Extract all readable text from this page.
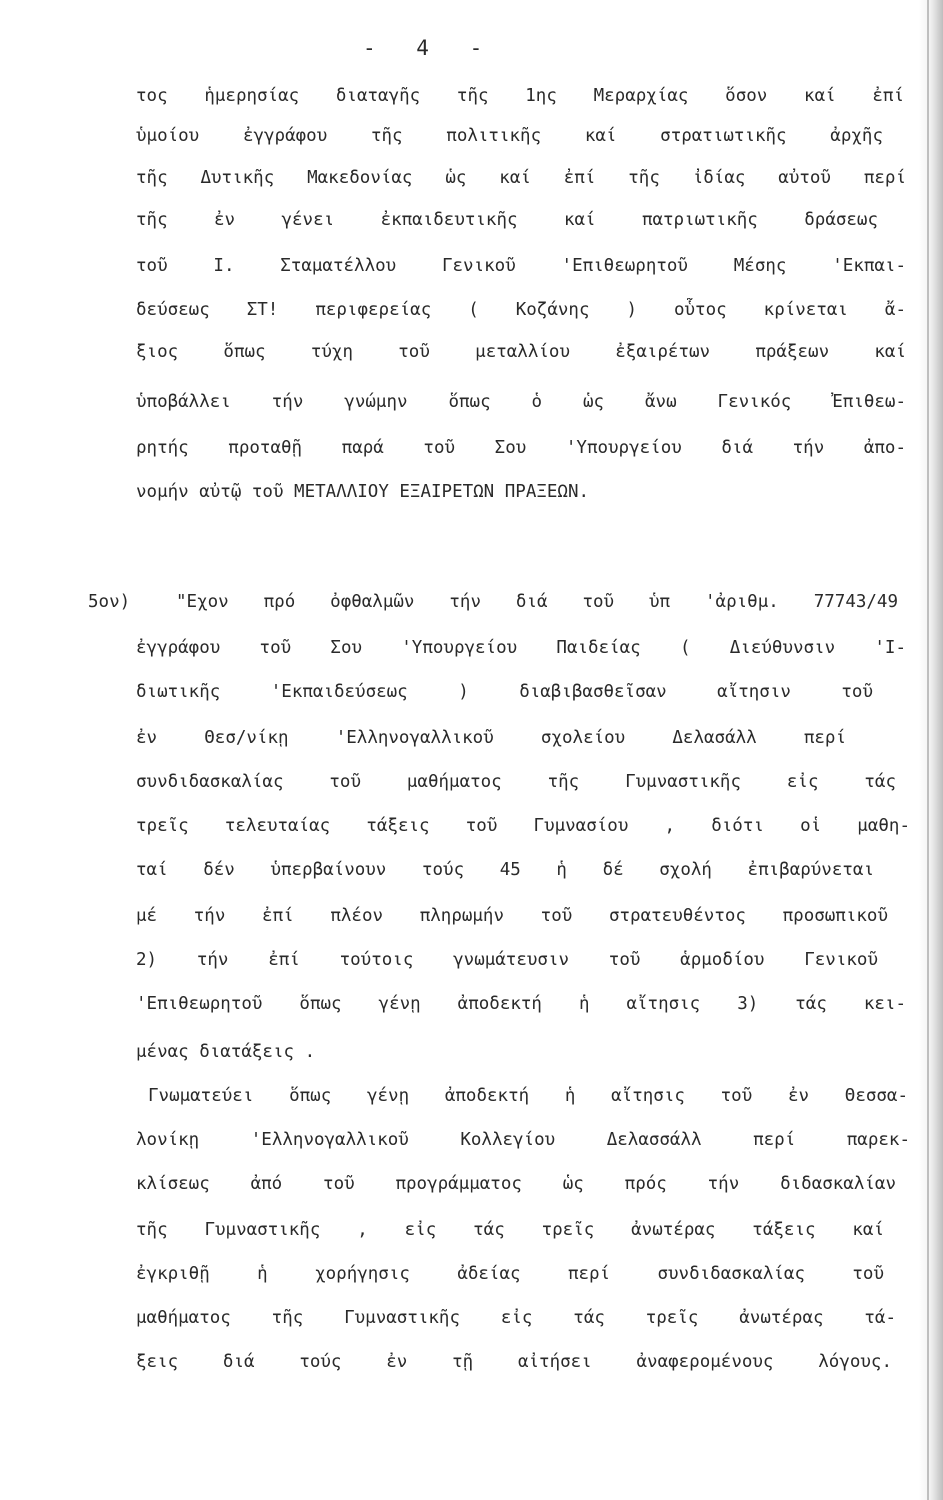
- 4 -
τος ἡμερησίας διαταγῆς τῆς 1ης Μεραρχίας ὅσον καί ἐπί
ὑμοίου ἐγγράφου τῆς πολιτικῆς καί στρατιωτικῆς ἀρχῆς
τῆς Δυτικῆς Μακεδονίας ὡς καί ἐπί τῆς ἰδίας αὐτοῦ περί
τῆς ἐν γένει ἐκπαιδευτικῆς καί πατριωτικῆς δράσεως
τοῦ Ι. Σταματέλλου Γενικοῦ 'Επιθεωρητοῦ Μέσης 'Εκπαι-
δεύσεως ΣΤ! περιφερείας ( Κοζάνης ) οὗτος κρίνεται ἄ-
ξιος ὅπως τύχη τοῦ μεταλλίου ἐξαιρέτων πράξεων καί
ὑποβάλλει τήν γνώμην ὅπως ὁ ὡς ἄνω Γενικός Ἐπιθεω-
ρητής προταθῇ παρά τοῦ Σου 'Υπουργείου διά τήν ἀπο-
νομήν αὐτῷ τοῦ ΜΕΤΑΛΛΙΟΥ ΕΞΑΙΡΕΤΩΝ ΠΡΑΞΕΩΝ.
5ον)	"Εχον πρό ὀφθαλμῶν τήν διά τοῦ ὑπ 'ἀριθμ. 77743/49
ἐγγράφου τοῦ Σου 'Υπουργείου Παιδείας ( Διεύθυνσιν 'Ι-
διωτικῆς 'Εκπαιδεύσεως ) διαβιβασθεῖσαν αἴτησιν τοῦ
ἐν Θεσ/νίκῃ 'Ελληνογαλλικοῦ σχολείου Δελασάλλ περί
συνδιδασκαλίας τοῦ μαθήματος τῆς Γυμναστικῆς εἰς τάς
τρεῖς τελευταίας τάξεις τοῦ Γυμνασίου , διότι οἱ μαθη-
ταί δέν ὑπερβαίνουν τούς 45 ἡ δέ σχολή ἐπιβαρύνεται
μέ τήν ἐπί πλέον πληρωμήν τοῦ στρατευθέντος προσωπικοῦ
2) τήν ἐπί τούτοις γνωμάτευσιν τοῦ ἁρμοδίου Γενικοῦ
'Επιθεωρητοῦ ὅπως γένῃ ἀποδεκτή ἡ αἴτησις 3) τάς κει-
μένας διατάξεις .
Γνωματεύει ὅπως γένῃ ἀποδεκτή ἡ αἴτησις τοῦ ἐν Θεσσα-
λονίκῃ 'Ελληνογαλλικοῦ Κολλεγίου Δελασσάλλ περί παρεκ-
κλίσεως ἀπό τοῦ προγράμματος ὡς πρός τήν διδασκαλίαν
τῆς Γυμναστικῆς , εἰς τάς τρεῖς ἀνωτέρας τάξεις καί
ἐγκριθῇ ἡ χορήγησις ἀδείας περί συνδιδασκαλίας τοῦ
μαθήματος τῆς Γυμναστικῆς εἰς τάς τρεῖς ἀνωτέρας τά-
ξεις διά τούς ἐν τῇ αἰτήσει ἀναφερομένους λόγους.
